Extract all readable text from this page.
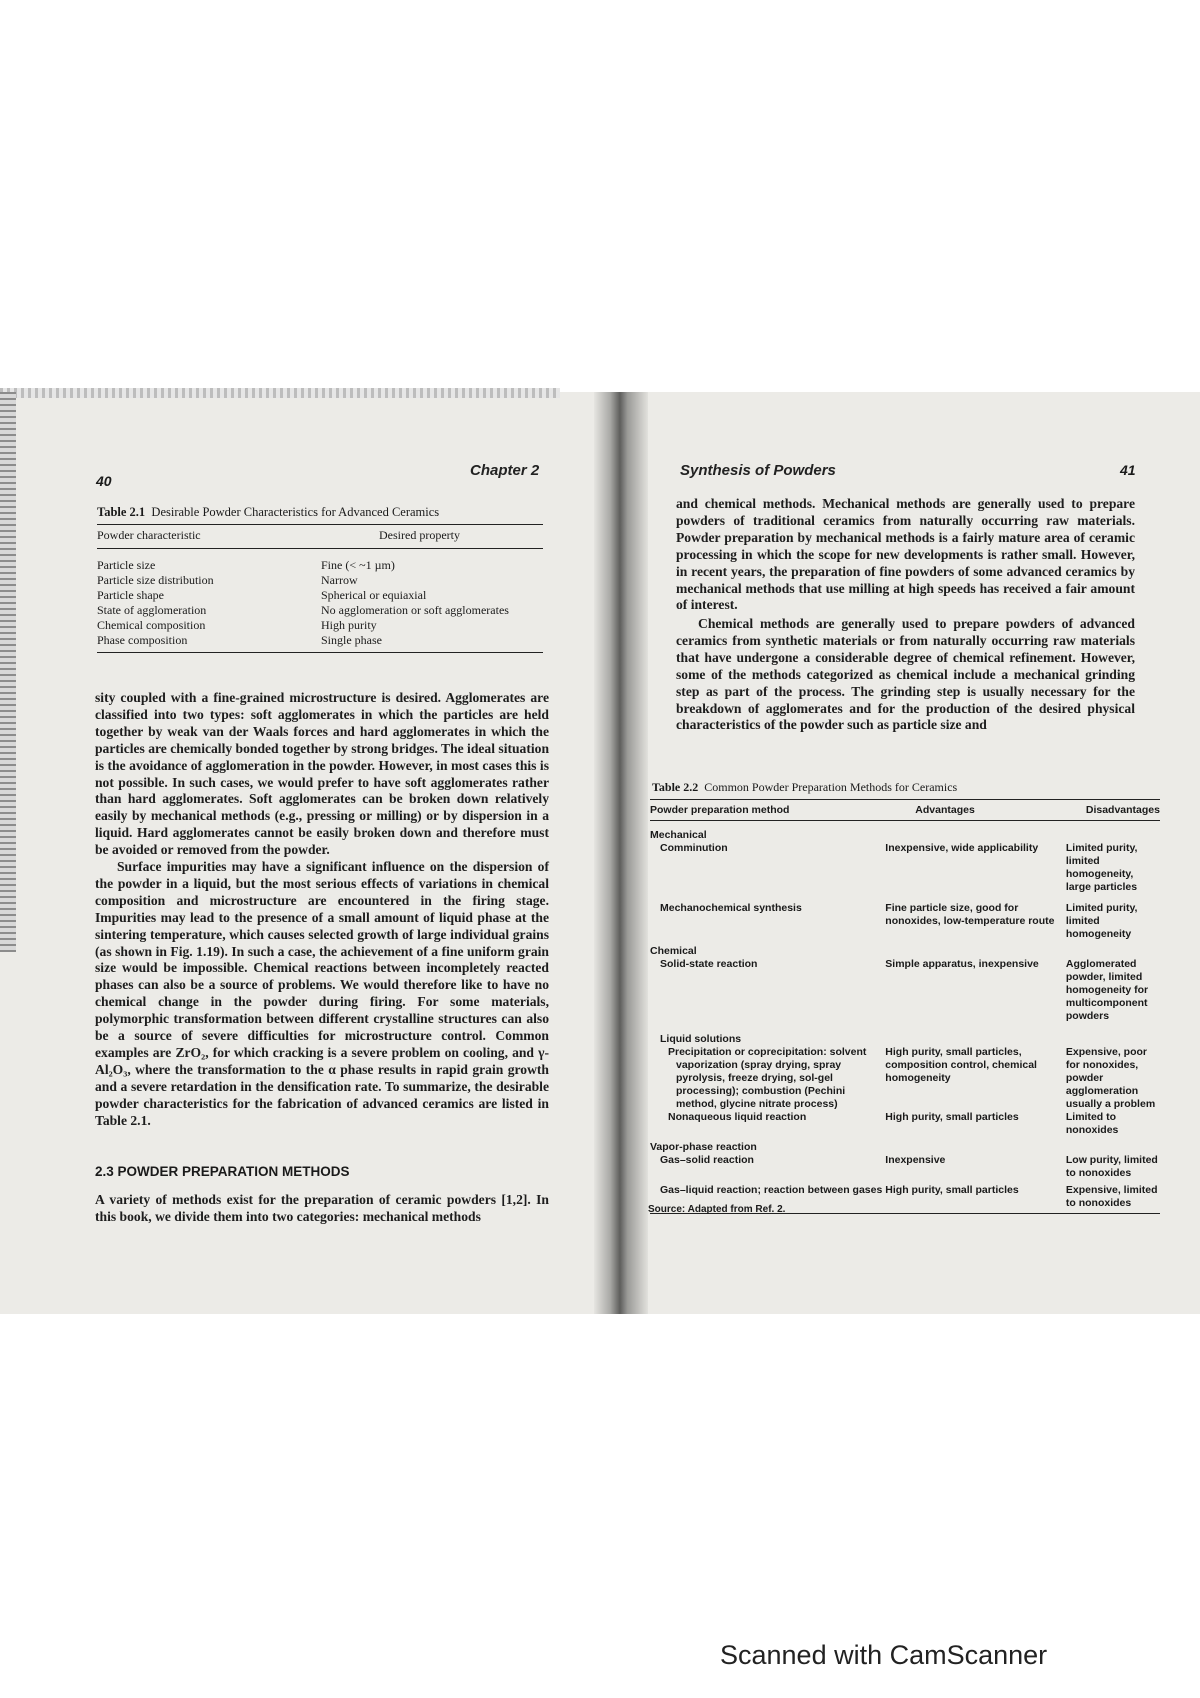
40
Chapter 2
Table 2.1 Desirable Powder Characteristics for Advanced Ceramics
Powder characteristic	Desired property
Particle size	Fine (< ~1 µm)
Particle size distribution	Narrow
Particle shape	Spherical or equiaxial
State of agglomeration	No agglomeration or soft agglomerates
Chemical composition	High purity
Phase composition	Single phase

sity coupled with a fine-grained microstructure is desired. Agglomerates are classified into two types: soft agglomerates in which the particles are held together by weak van der Waals forces and hard agglomerates in which the particles are chemically bonded together by strong bridges. The ideal situation is the avoidance of agglomeration in the powder. However, in most cases this is not possible. In such cases, we would prefer to have soft agglomerates rather than hard agglomerates. Soft agglomerates can be broken down relatively easily by mechanical methods (e.g., pressing or milling) or by dispersion in a liquid. Hard agglomerates cannot be easily broken down and therefore must be avoided or removed from the powder.

Surface impurities may have a significant influence on the dispersion of the powder in a liquid, but the most serious effects of variations in chemical composition and microstructure are encountered in the firing stage. Impurities may lead to the presence of a small amount of liquid phase at the sintering temperature, which causes selected growth of large individual grains (as shown in Fig. 1.19). In such a case, the achievement of a fine uniform grain size would be impossible. Chemical reactions between incompletely reacted phases can also be a source of problems. We would therefore like to have no chemical change in the powder during firing. For some materials, polymorphic transformation between different crystalline structures can also be a source of severe difficulties for microstructure control. Common examples are ZrO₂, for which cracking is a severe problem on cooling, and γ-Al₂O₃, where the transformation to the α phase results in rapid grain growth and a severe retardation in the densification rate. To summarize, the desirable powder characteristics for the fabrication of advanced ceramics are listed in Table 2.1.

2.3 POWDER PREPARATION METHODS

A variety of methods exist for the preparation of ceramic powders [1,2]. In this book, we divide them into two categories: mechanical methods

Synthesis of Powders	41

and chemical methods. Mechanical methods are generally used to prepare powders of traditional ceramics from naturally occurring raw materials. Powder preparation by mechanical methods is a fairly mature area of ceramic processing in which the scope for new developments is rather small. However, in recent years, the preparation of fine powders of some advanced ceramics by mechanical methods that use milling at high speeds has received a fair amount of interest.

Chemical methods are generally used to prepare powders of advanced ceramics from synthetic materials or from naturally occurring raw materials that have undergone a considerable degree of chemical refinement. However, some of the methods categorized as chemical include a mechanical grinding step as part of the process. The grinding step is usually necessary for the breakdown of agglomerates and for the production of the desired physical characteristics of the powder such as particle size and

Table 2.2 Common Powder Preparation Methods for Ceramics
Powder preparation method	Advantages	Disadvantages

Mechanical		
Comminution	Inexpensive, wide applicability	Limited purity, limited homogeneity, large particles
Mechanochemical synthesis	Fine particle size, good for nonoxides, low-temperature route	Limited purity, limited homogeneity
Chemical		
Solid-state reaction	Simple apparatus, inexpensive	Agglomerated powder, limited homogeneity for multicomponent powders
Liquid solutions		
Precipitation or coprecipitation: solvent vaporization (spray drying, spray pyrolysis, freeze drying, sol-gel processing); combustion (Pechini method, glycine nitrate process)	High purity, small particles, composition control, chemical homogeneity	Expensive, poor for nonoxides, powder agglomeration usually a problem
Nonaqueous liquid reaction	High purity, small particles	Limited to nonoxides
Vapor-phase reaction		
Gas–solid reaction	Inexpensive	Low purity, limited to nonoxides
Gas–liquid reaction; reaction between gases	High purity, small particles	Expensive, limited to nonoxides

Source: Adapted from Ref. 2.
Scanned with CamScanner
